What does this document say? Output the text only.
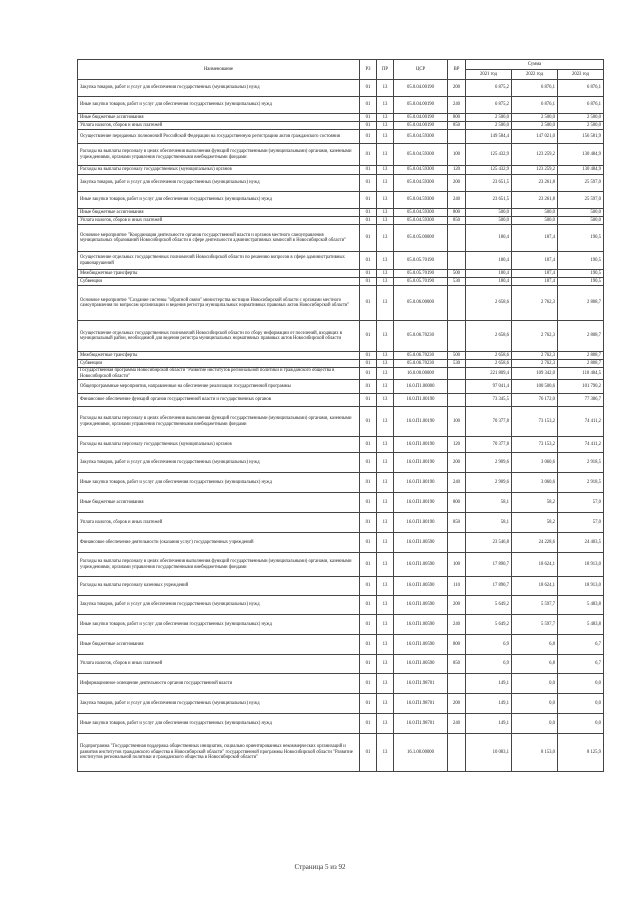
Наименование	РЗ	ПР	ЦСР	ВР	Сумма		
					2021 год	2022 год	2023 год
Закупка товаров, работ и услуг для обеспечения государственных (муниципальных) нужд	01	13	05.0.04.00190	200	6 875,2	6 876,1	6 876,1
Иные закупки товаров, работ и услуг для обеспечения государственных (муниципальных) нужд	01	13	05.0.04.00190	240	6 875,2	6 876,1	6 876,1
Иные бюджетные ассигнования	01	13	05.0.04.00190	800	2 500,0	2 500,0	2 500,0
Уплата налогов, сборов и иных платежей	01	13	05.0.04.00190	850	2 500,0	2 500,0	2 500,0
Осуществление переданных полномочий Российской Федерации на государственную регистрацию актов гражданского состояния	01	13	05.0.04.59300		149 584,4	147 021,0	156 581,9
Расходы на выплаты персоналу в целях обеспечения выполнения функций государственными (муниципальными) органами, казенными учреждениями, органами управления государственными внебюджетными фондами	01	13	05.0.04.59300	100	125 432,9	123 259,2	130 484,9
Расходы на выплаты персоналу государственных (муниципальных) органов	01	13	05.0.04.59300	120	125 432,9	123 259,2	130 484,9
Закупка товаров, работ и услуг для обеспечения государственных (муниципальных) нужд	01	13	05.0.04.59300	200	23 651,5	23 261,8	25 597,0
Иные закупки товаров, работ и услуг для обеспечения государственных (муниципальных) нужд	01	13	05.0.04.59300	240	23 651,5	23 261,8	25 597,0
Иные бюджетные ассигнования	01	13	05.0.04.59300	800	500,0	500,0	500,0
Уплата налогов, сборов и иных платежей	01	13	05.0.04.59300	850	500,0	500,0	500,0
Основное мероприятие "Координация деятельности органов государственной власти и органов местного самоуправления муниципальных образований Новосибирской области в сфере деятельности административных комиссий в Новосибирской области"	01	13	05.0.05.00000		180,4	187,4	190,5
Осуществление отдельных государственных полномочий Новосибирской области по решению вопросов в сфере административных правонарушений	01	13	05.0.05.70190		180,4	187,4	190,5
Межбюджетные трансферты	01	13	05.0.05.70190	500	180,4	187,4	190,5
Субвенции	01	13	05.0.05.70190	530	180,4	187,4	190,5
Основное мероприятие "Создание системы "обратной связи" министерства юстиции Новосибирской области с органами местного самоуправления по вопросам организации и ведения регистра муниципальных нормативных правовых актов Новосибирской области"	01	13	05.0.06.00000		2 658,6	2 762,3	2 808,7
Осуществление отдельных государственных полномочий Новосибирской области по сбору информации от поселений, входящих в муниципальный район, необходимой для ведения регистра муниципальных нормативных правовых актов Новосибирской области	01	13	05.0.06.70230		2 658,6	2 762,3	2 808,7
Межбюджетные трансферты	01	13	05.0.06.70230	500	2 658,6	2 762,3	2 808,7
Субвенции	01	13	05.0.06.70230	530	2 658,6	2 762,3	2 808,7
Государственная программа Новосибирской области "Развитие институтов региональной политики и гражданского общества в Новосибирской области"	01	13	16.0.00.00000		221 809,4	109 342,0	110 404,5
Общепрограммные мероприятия, направленные на обеспечение реализации государственной программы	01	13	16.0.П1.00000		97 041,4	100 500,6	101 790,2
Финансовое обеспечение функций органов государственной власти и государственных органов	01	13	16.0.П1.00190		73 345,5	76 172,0	77 386,7
Расходы на выплаты персоналу в целях обеспечения выполнения функций государственными (муниципальными) органами, казенными учреждениями, органами управления государственными внебюджетными фондами	01	13	16.0.П1.00190	100	70 377,8	73 153,2	74 411,2
Расходы на выплаты персоналу государственных (муниципальных) органов	01	13	16.0.П1.00190	120	70 377,8	73 153,2	74 411,2
Закупка товаров, работ и услуг для обеспечения государственных (муниципальных) нужд	01	13	16.0.П1.00190	200	2 909,6	3 060,6	2 918,5
Иные закупки товаров, работ и услуг для обеспечения государственных (муниципальных) нужд	01	13	16.0.П1.00190	240	2 909,6	3 060,6	2 918,5
Иные бюджетные ассигнования	01	13	16.0.П1.00190	800	58,1	58,2	57,0
Уплата налогов, сборов и иных платежей	01	13	16.0.П1.00190	850	58,1	58,2	57,0
Финансовое обеспечение деятельности (оказания услуг) государственных учреждений	01	13	16.0.П1.00590		23 546,8	24 228,6	24 403,5
Расходы на выплаты персоналу в целях обеспечения выполнения функций государственными (муниципальными) органами, казенными учреждениями, органами управления государственными внебюджетными фондами	01	13	16.0.П1.00590	100	17 890,7	18 624,1	18 913,0
Расходы на выплаты персоналу казенных учреждений	01	13	16.0.П1.00590	110	17 890,7	18 624,1	18 913,0
Закупка товаров, работ и услуг для обеспечения государственных (муниципальных) нужд	01	13	16.0.П1.00590	200	5 649,2	5 597,7	5 483,8
Иные закупки товаров, работ и услуг для обеспечения государственных (муниципальных) нужд	01	13	16.0.П1.00590	240	5 649,2	5 597,7	5 483,8
Иные бюджетные ассигнования	01	13	16.0.П1.00590	800	6,9	6,8	6,7
Уплата налогов, сборов и иных платежей	01	13	16.0.П1.00590	850	6,9	6,8	6,7
Информационное освещение деятельности органов государственной власти	01	13	16.0.П1.98701		149,1	0,0	0,0
Закупка товаров, работ и услуг для обеспечения государственных (муниципальных) нужд	01	13	16.0.П1.98701	200	149,1	0,0	0,0
Иные закупки товаров, работ и услуг для обеспечения государственных (муниципальных) нужд	01	13	16.0.П1.98701	240	149,1	0,0	0,0
Подпрограмма "Государственная поддержка общественных инициатив, социально ориентированных некоммерческих организаций и развития институтов гражданского общества в Новосибирской области" государственной программы Новосибирской области "Развитие институтов региональной политики и гражданского общества в Новосибирской области"	01	13	16.1.00.00000		10 083,1	8 153,0	8 125,9
Страница 5 из 92
